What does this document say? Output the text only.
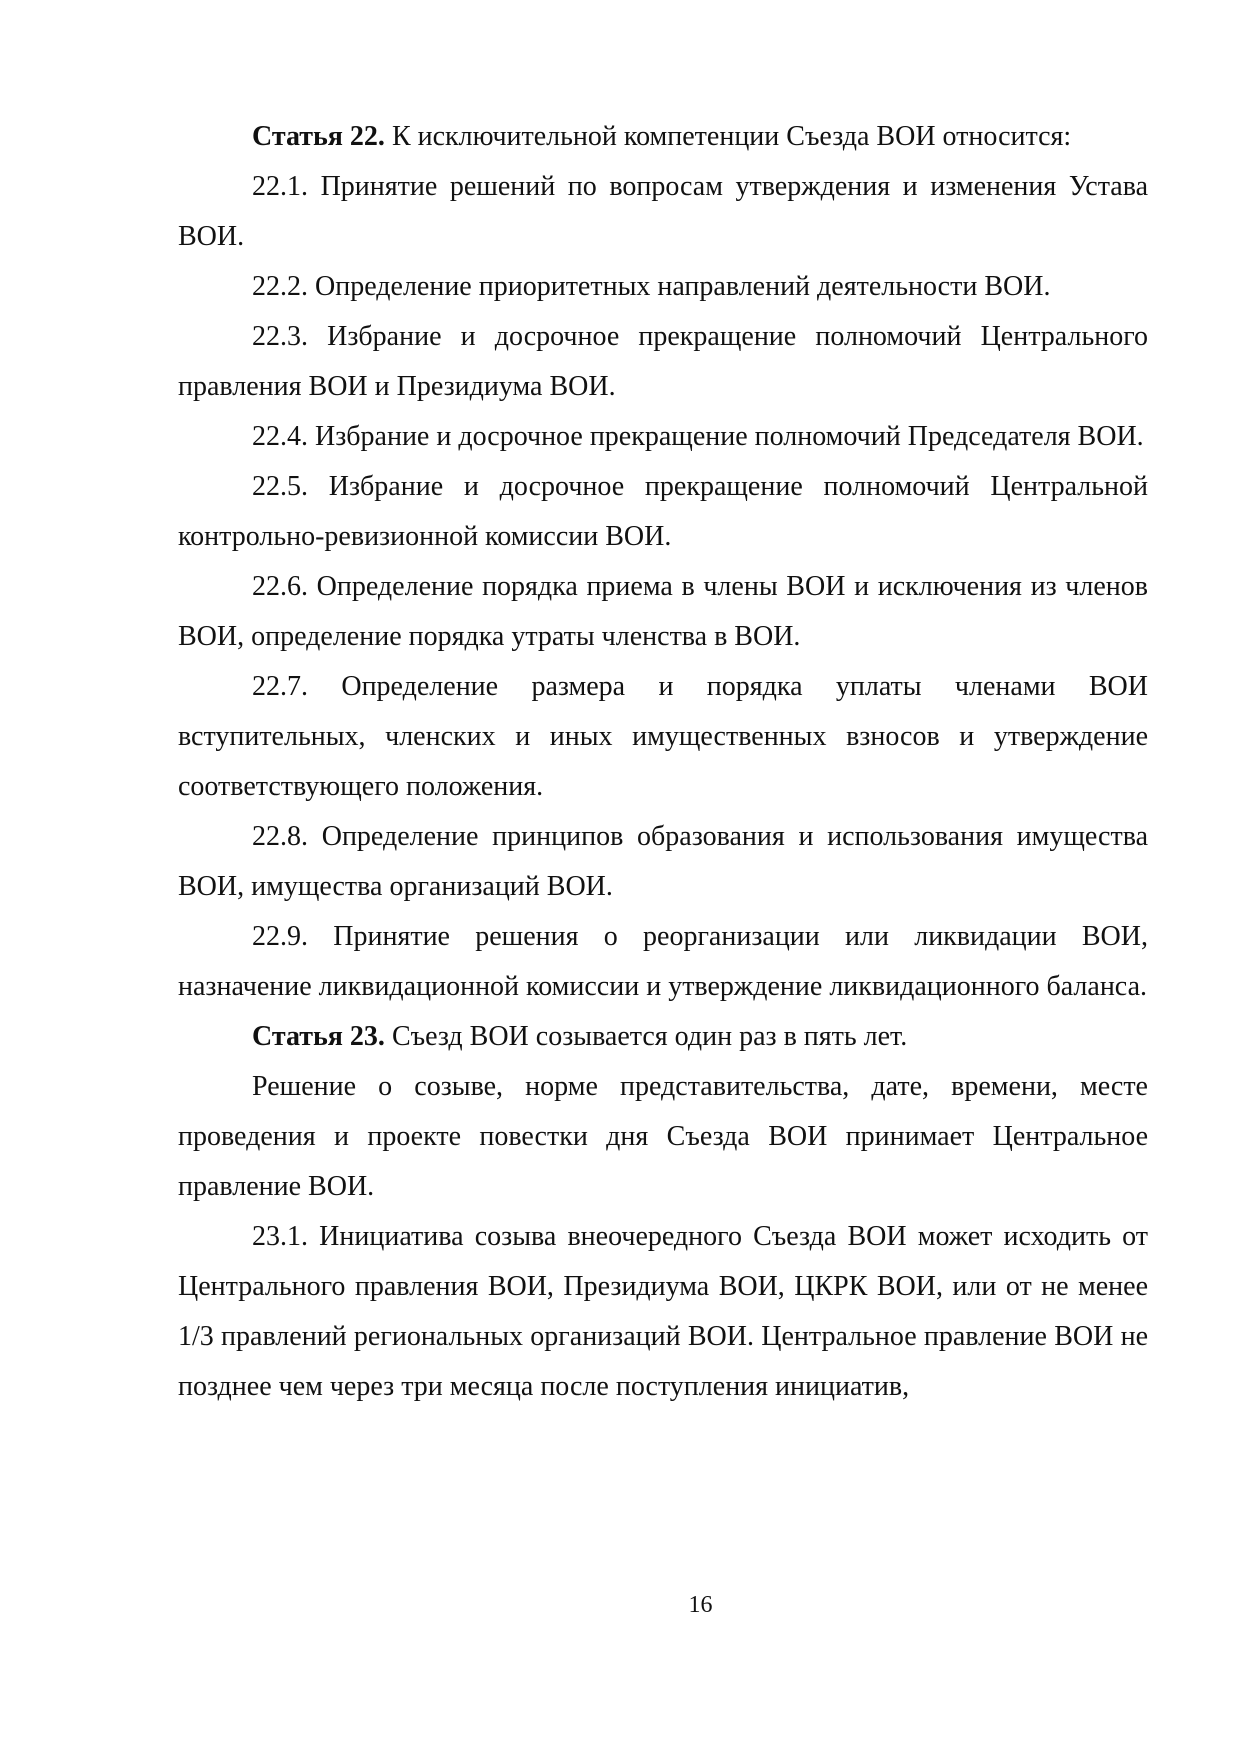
Статья 22. К исключительной компетенции Съезда ВОИ относится:

22.1. Принятие решений по вопросам утверждения и изменения Устава ВОИ.

22.2. Определение приоритетных направлений деятельности ВОИ.

22.3. Избрание и досрочное прекращение полномочий Центрального правления ВОИ и Президиума ВОИ.

22.4. Избрание и досрочное прекращение полномочий Председателя ВОИ.

22.5. Избрание и досрочное прекращение полномочий Центральной контрольно-ревизионной комиссии ВОИ.

22.6. Определение порядка приема в члены ВОИ и исключения из членов ВОИ, определение порядка утраты членства в ВОИ.

22.7. Определение размера и порядка уплаты членами ВОИ вступительных, членских и иных имущественных взносов и утверждение соответствующего положения.

22.8. Определение принципов образования и использования имущества ВОИ, имущества организаций ВОИ.

22.9. Принятие решения о реорганизации или ликвидации ВОИ, назначение ликвидационной комиссии и утверждение ликвидационного баланса.

Статья 23. Съезд ВОИ созывается один раз в пять лет.

Решение о созыве, норме представительства, дате, времени, месте проведения и проекте повестки дня Съезда ВОИ принимает Центральное правление ВОИ.

23.1. Инициатива созыва внеочередного Съезда ВОИ может исходить от Центрального правления ВОИ, Президиума ВОИ, ЦКРК ВОИ, или от не менее 1/3 правлений региональных организаций ВОИ. Центральное правление ВОИ не позднее чем через три месяца после поступления инициатив,

16
